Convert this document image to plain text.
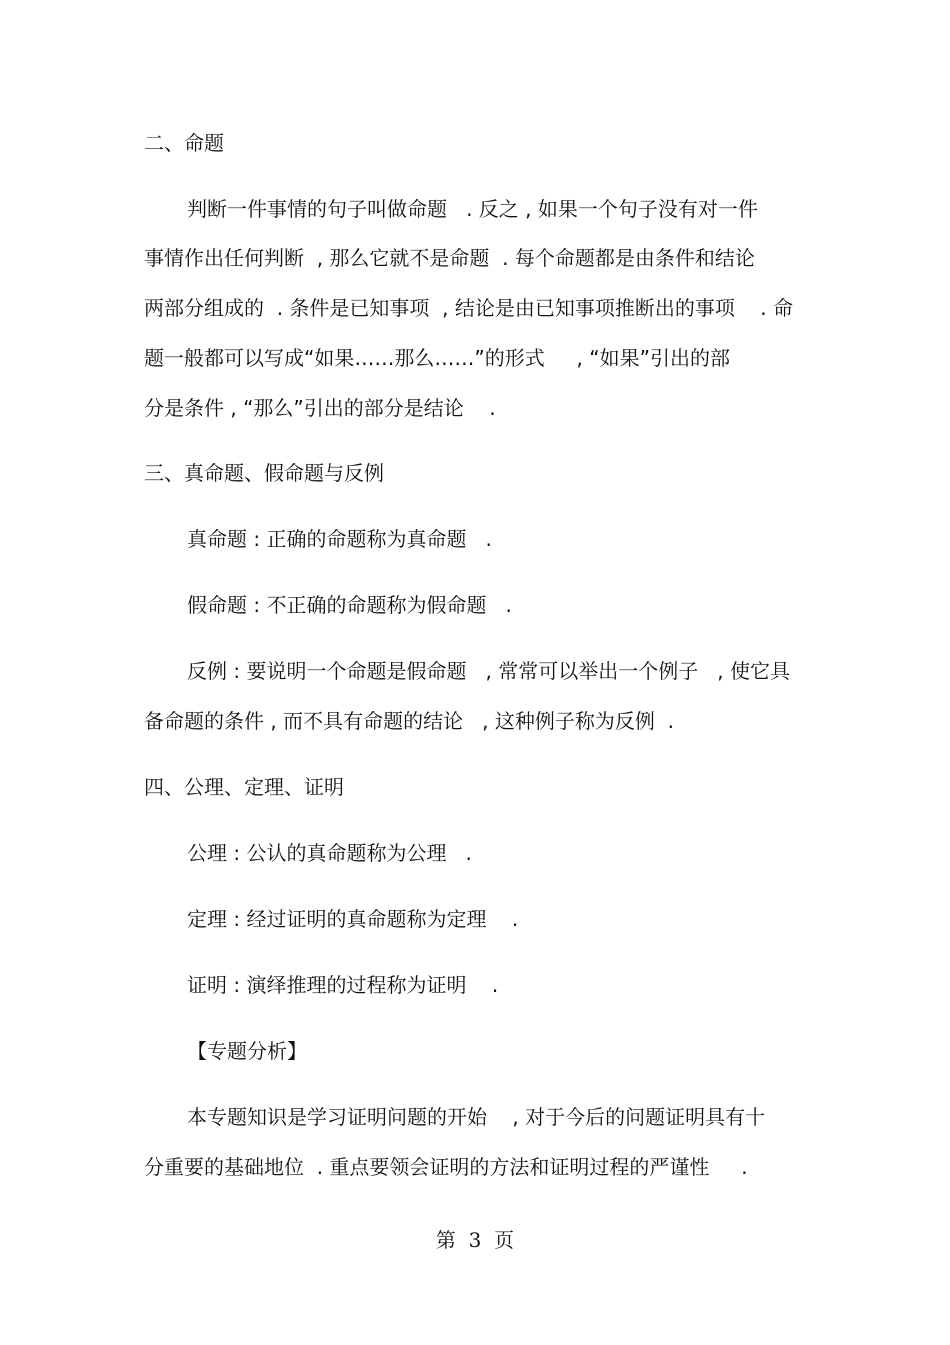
二、命题
判断一件事情的句子叫做命题   . 反之 , 如果一个句子没有对一件
事情作出任何判断  , 那么它就不是命题  . 每个命题都是由条件和结论
两部分组成的  . 条件是已知事项  , 结论是由已知事项推断出的事项    . 命
题一般都可以写成“如果……那么……”的形式     , “如果”引出的部
分是条件 , “那么”引出的部分是结论    .
三、真命题、假命题与反例
真命题 : 正确的命题称为真命题   .
假命题 : 不正确的命题称为假命题   .
反例 : 要说明一个命题是假命题   , 常常可以举出一个例子   , 使它具
备命题的条件 , 而不具有命题的结论   , 这种例子称为反例  .
四、公理、定理、证明
公理 : 公认的真命题称为公理   .
定理 : 经过证明的真命题称为定理    .
证明 : 演绎推理的过程称为证明    .
【专题分析】
本专题知识是学习证明问题的开始    , 对于今后的问题证明具有十
分重要的基础地位  . 重点要领会证明的方法和证明过程的严谨性     .
第  3  页
